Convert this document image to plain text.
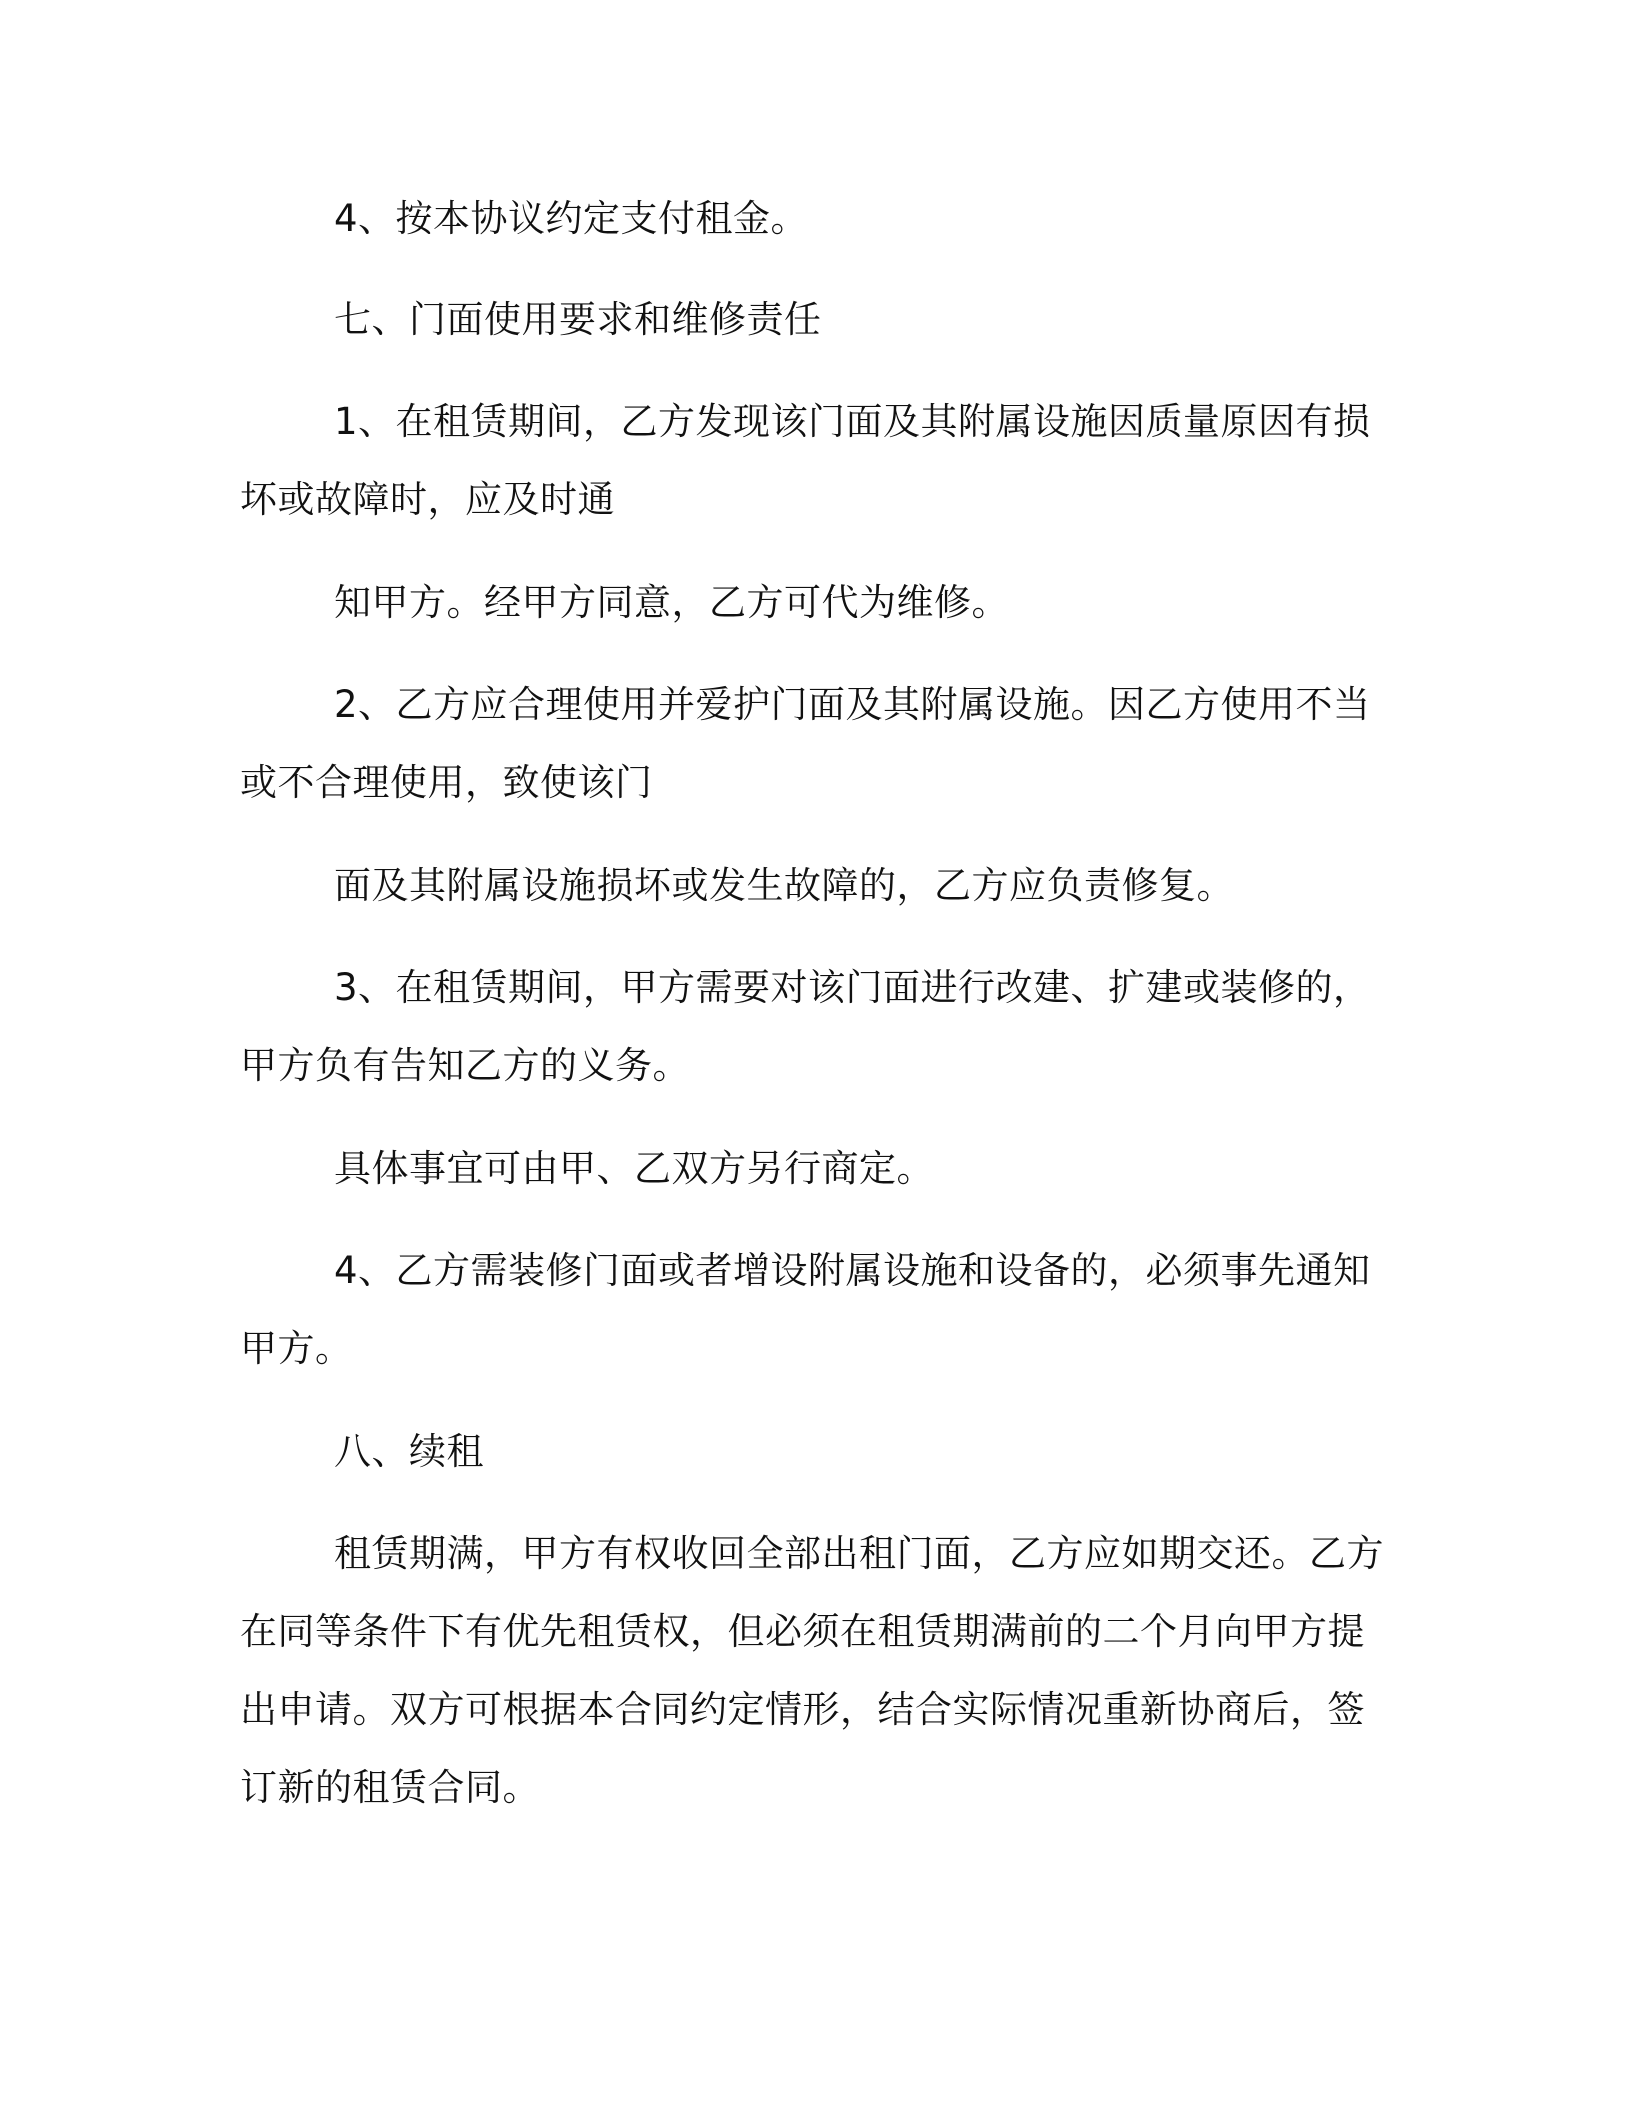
4、按本协议约定支付租金。
七、门面使用要求和维修责任
1、在租赁期间，乙方发现该门面及其附属设施因质量原因有损
坏或故障时，应及时通
知甲方。经甲方同意，乙方可代为维修。
2、乙方应合理使用并爱护门面及其附属设施。因乙方使用不当
或不合理使用，致使该门
面及其附属设施损坏或发生故障的，乙方应负责修复。
3、在租赁期间，甲方需要对该门面进行改建、扩建或装修的，
甲方负有告知乙方的义务。
具体事宜可由甲、乙双方另行商定。
4、乙方需装修门面或者增设附属设施和设备的，必须事先通知
甲方。
八、续租
租赁期满，甲方有权收回全部出租门面，乙方应如期交还。乙方
在同等条件下有优先租赁权，但必须在租赁期满前的二个月向甲方提
出申请。双方可根据本合同约定情形，结合实际情况重新协商后，签
订新的租赁合同。
